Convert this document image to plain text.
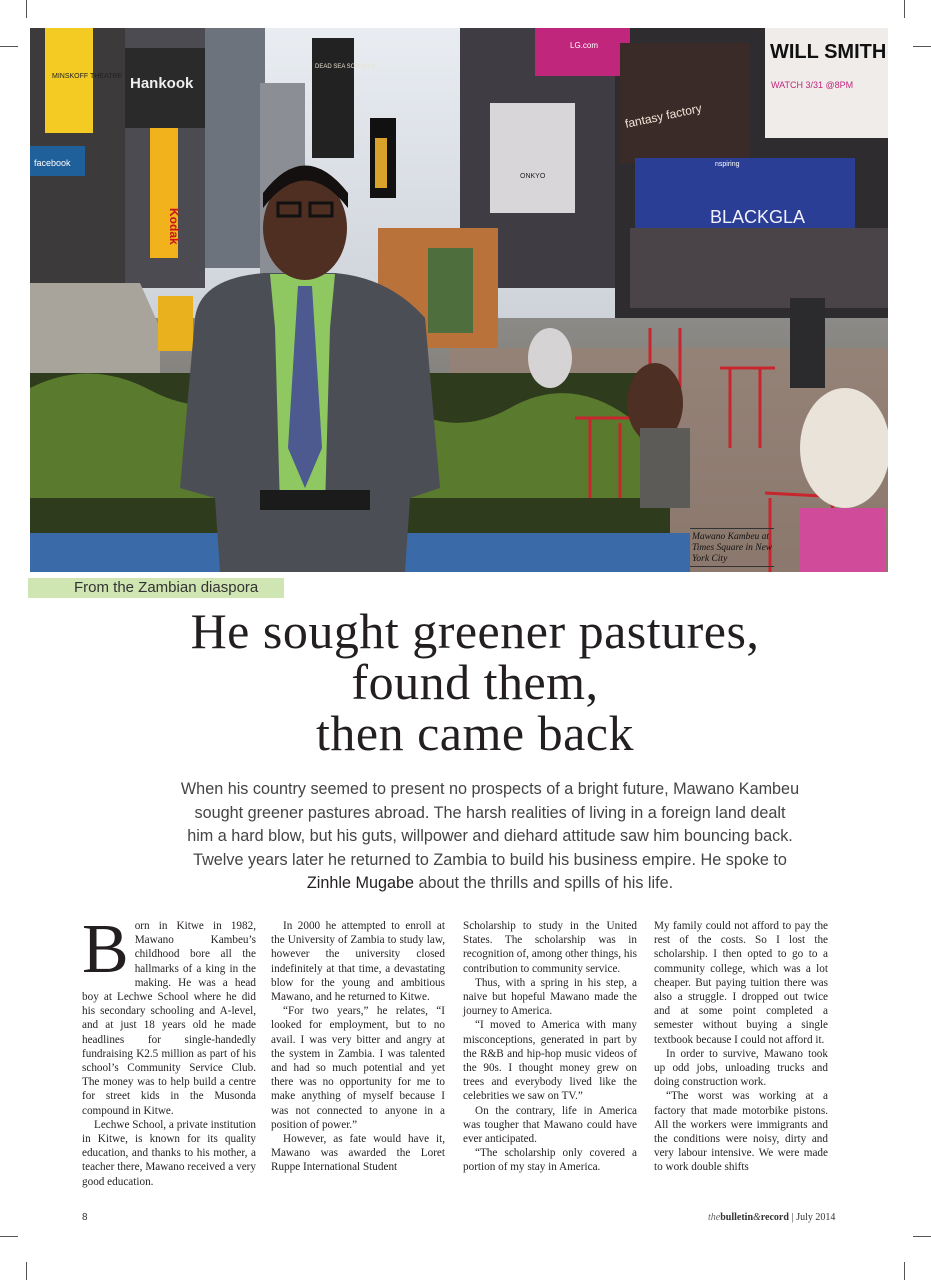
MINSKOFF THEATRE Hankook
Kodak
facebook
DEAD SEA SCROLLS
LG.com
ONKYO
fantasy factory
WILL SMITH
WATCH 3/31 @8PM
nspiring
BLACKGLA
Mawano Kambeu at Times Square in New York City
From the Zambian diaspora
He sought greener pastures,
found them,
then came back

When his country seemed to present no prospects of a bright future, Mawano Kambeu sought greener pastures abroad. The harsh realities of living in a foreign land dealt him a hard blow, but his guts, willpower and diehard attitude saw him bouncing back. Twelve years later he returned to Zambia to build his business empire. He spoke to Zinhle Mugabe about the thrills and spills of his life.

B orn in Kitwe in 1982, Mawano Kambeu’s childhood bore all the hallmarks of a king in the making. He was a head boy at Lechwe School where he did his secondary schooling and A-level, and at just 18 years old he made headlines for single-handedly fundraising K2.5 million as part of his school’s Community Service Club. The money was to help build a centre for street kids in the Musonda compound in Kitwe.

Lechwe School, a private institution in Kitwe, is known for its quality education, and thanks to his mother, a teacher there, Mawano received a very good education.

In 2000 he attempted to enroll at the University of Zambia to study law, however the university closed indefinitely at that time, a devastating blow for the young and ambitious Mawano, and he returned to Kitwe.

“For two years,” he relates, “I looked for employment, but to no avail. I was very bitter and angry at the system in Zambia. I was talented and had so much potential and yet there was no opportunity for me to make anything of myself because I was not connected to anyone in a position of power.”

However, as fate would have it, Mawano was awarded the Loret Ruppe International Student

Scholarship to study in the United States. The scholarship was in recognition of, among other things, his contribution to community service.

Thus, with a spring in his step, a naive but hopeful Mawano made the journey to America.

“I moved to America with many misconceptions, generated in part by the R&B and hip-hop music videos of the 90s. I thought money grew on trees and everybody lived like the celebrities we saw on TV.”

On the contrary, life in America was tougher that Mawano could have ever anticipated.

“The scholarship only covered a portion of my stay in America.

My family could not afford to pay the rest of the costs. So I lost the scholarship. I then opted to go to a community college, which was a lot cheaper. But paying tuition there was also a struggle. I dropped out twice and at some point completed a semester without buying a single textbook because I could not afford it.

In order to survive, Mawano took up odd jobs, unloading trucks and doing construction work.

“The worst was working at a factory that made motorbike pistons. All the workers were immigrants and the conditions were noisy, dirty and very labour intensive. We were made to work double shifts

8	thebulletin&record | July 2014
